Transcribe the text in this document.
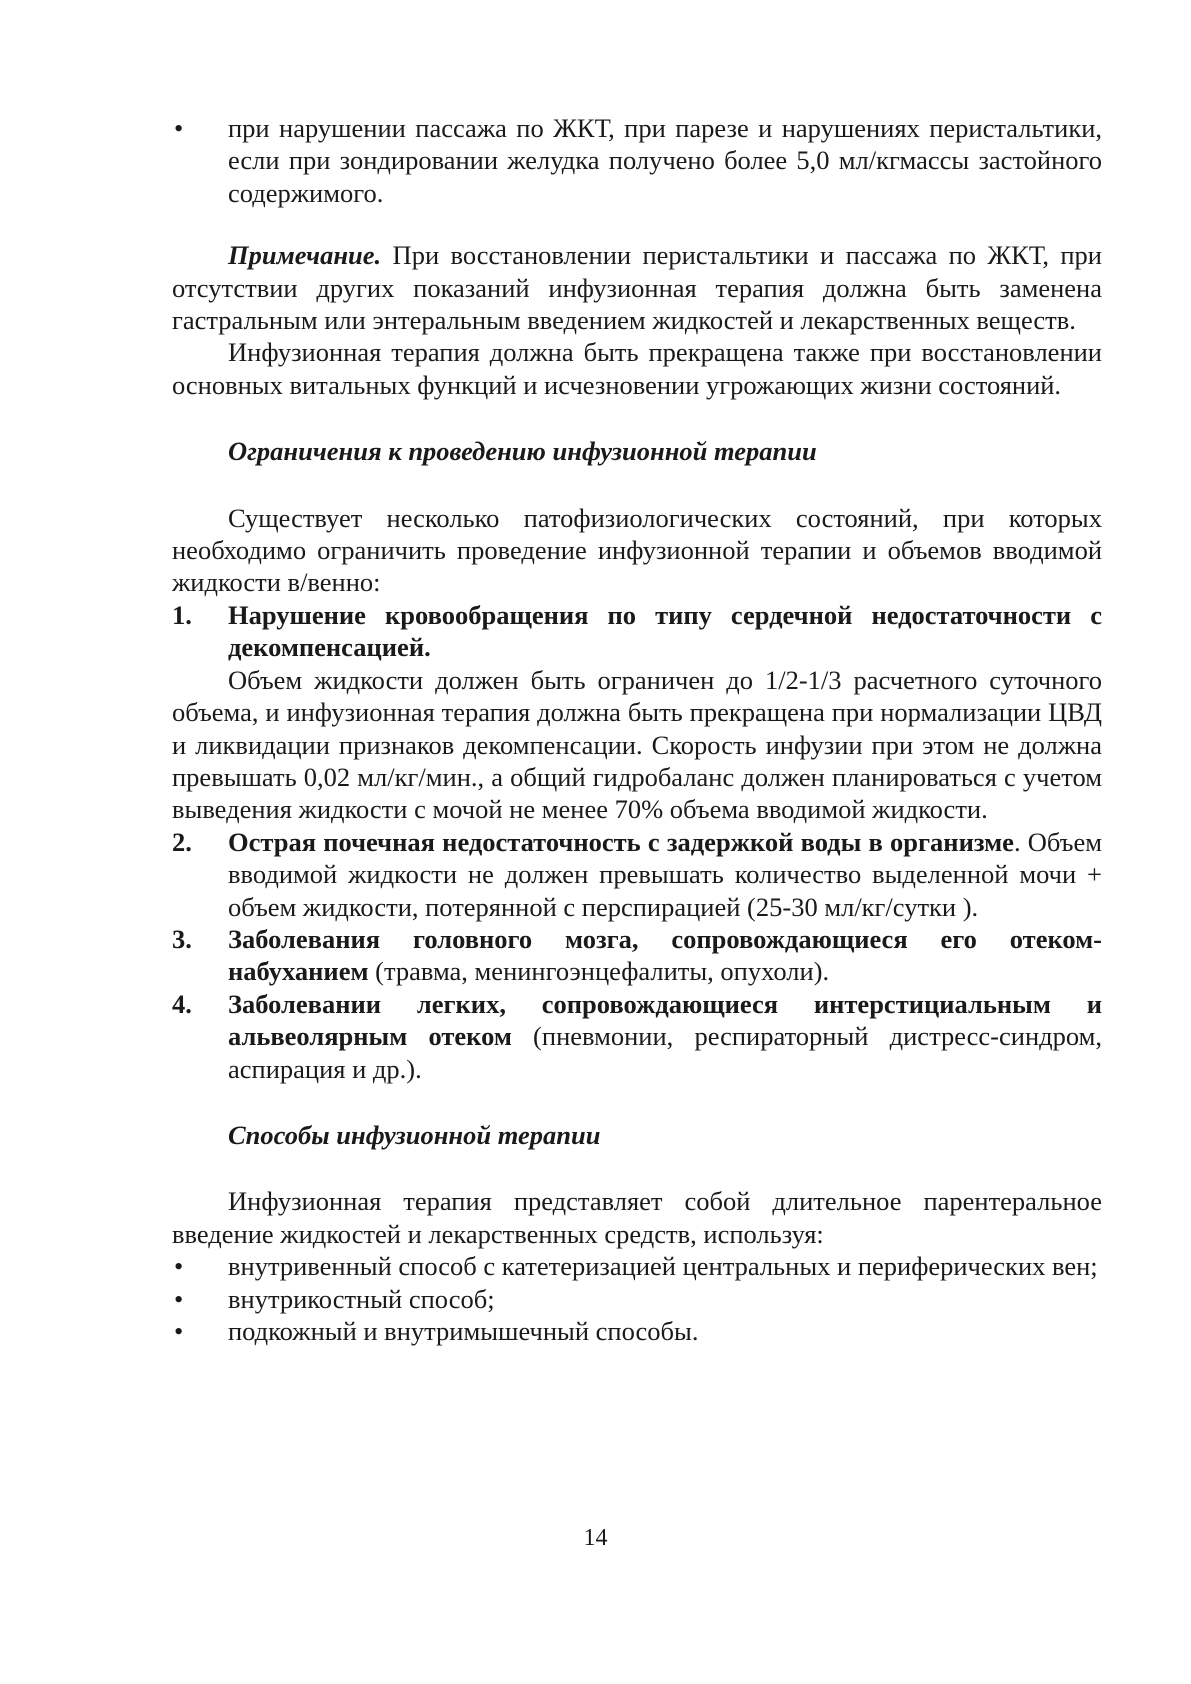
• при нарушении пассажа по ЖКТ, при парезе и нарушениях перистальтики, если при зондировании желудка получено более 5,0 мл/кгмассы застойного содержимого.

Примечание. При восстановлении перистальтики и пассажа по ЖКТ, при отсутствии других показаний инфузионная терапия должна быть заменена гастральным или энтеральным введением жидкостей и лекарственных веществ.

Инфузионная терапия должна быть прекращена также при восстановлении основных витальных функций и исчезновении угрожающих жизни состояний.

Ограничения к проведению инфузионной терапии

Существует несколько патофизиологических состояний, при которых необходимо ограничить проведение инфузионной терапии и объемов вводимой жидкости в/венно:

1. Нарушение кровообращения по типу сердечной недостаточности с декомпенсацией.

Объем жидкости должен быть ограничен до 1/2-1/3 расчетного суточного объема, и инфузионная терапия должна быть прекращена при нормализации ЦВД и ликвидации признаков декомпенсации. Скорость инфузии при этом не должна превышать 0,02 мл/кг/мин., а общий гидробаланс должен планироваться с учетом выведения жидкости с мочой не менее 70% объема вводимой жидкости.

2. Острая почечная недостаточность с задержкой воды в организме. Объем вводимой жидкости не должен превышать количество выделенной мочи + объем жидкости, потерянной с перспирацией (25-30 мл/кг/сутки ).

3. Заболевания головного мозга, сопровождающиеся его отеком-набуханием (травма, менингоэнцефалиты, опухоли).

4. Заболевании легких, сопровождающиеся интерстициальным и альвеолярным отеком (пневмонии, респираторный дистресс-синдром, аспирация и др.).

Способы инфузионной терапии

Инфузионная терапия представляет собой длительное парентеральное введение жидкостей и лекарственных средств, используя:

• внутривенный способ с катетеризацией центральных и периферических вен;

• внутрикостный способ;

• подкожный и внутримышечный способы.

14
